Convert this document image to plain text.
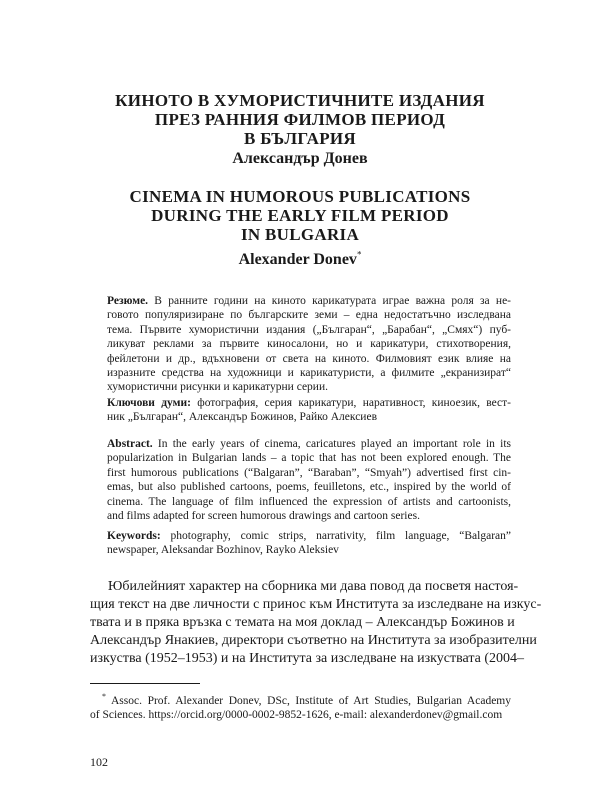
КИНОТО В ХУМОРИСТИЧНИТЕ ИЗДАНИЯ
ПРЕЗ РАННИЯ ФИЛМОВ ПЕРИОД
В БЪЛГАРИЯ
Александър Донев
CINEMA IN HUMOROUS PUBLICATIONS
DURING THE EARLY FILM PERIOD
IN BULGARIA
Alexander Donev*
Резюме. В ранните години на киното карикатурата играе важна роля за не-
говото популяризиране по българските земи – една недостатъчно изследвана
тема. Първите хумористични издания („Българан“, „Барабан“, „Смях“) пуб-
ликуват реклами за първите киносалони, но и карикатури, стихотворения,
фейлетони и др., вдъхновени от света на киното. Филмовият език влияе на
изразните средства на художници и карикатуристи, а филмите „екранизират“
хумористични рисунки и карикатурни серии.
Ключови думи: фотография, серия карикатури, наративност, киноезик, вест-
ник „Българан“, Александър Божинов, Райко Алексиев
Abstract. In the early years of cinema, caricatures played an important role in its
popularization in Bulgarian lands – a topic that has not been explored enough. The
first humorous publications (“Balgaran”, “Baraban”, “Smyah”) advertised first cin-
emas, but also published cartoons, poems, feuilletons, etc., inspired by the world of
cinema. The language of film influenced the expression of artists and cartoonists,
and films adapted for screen humorous drawings and cartoon series.
Keywords: photography, comic strips, narrativity, film language, “Balgaran”
newspaper, Aleksandar Bozhinov, Rayko Aleksiev
Юбилейният характер на сборника ми дава повод да посветя настоя-
щия текст на две личности с принос към Института за изследване на изкус-
твата и в пряка връзка с темата на моя доклад – Александър Божинов и
Александър Янакиев, директори съответно на Института за изобразителни
изкуства (1952–1953) и на Института за изследване на изкуствата (2004–
* Assoc. Prof. Alexander Donev, DSc, Institute of Art Studies, Bulgarian Academy
of Sciences. https://orcid.org/0000-0002-9852-1626, e-mail: alexanderdonev@gmail.com
102
